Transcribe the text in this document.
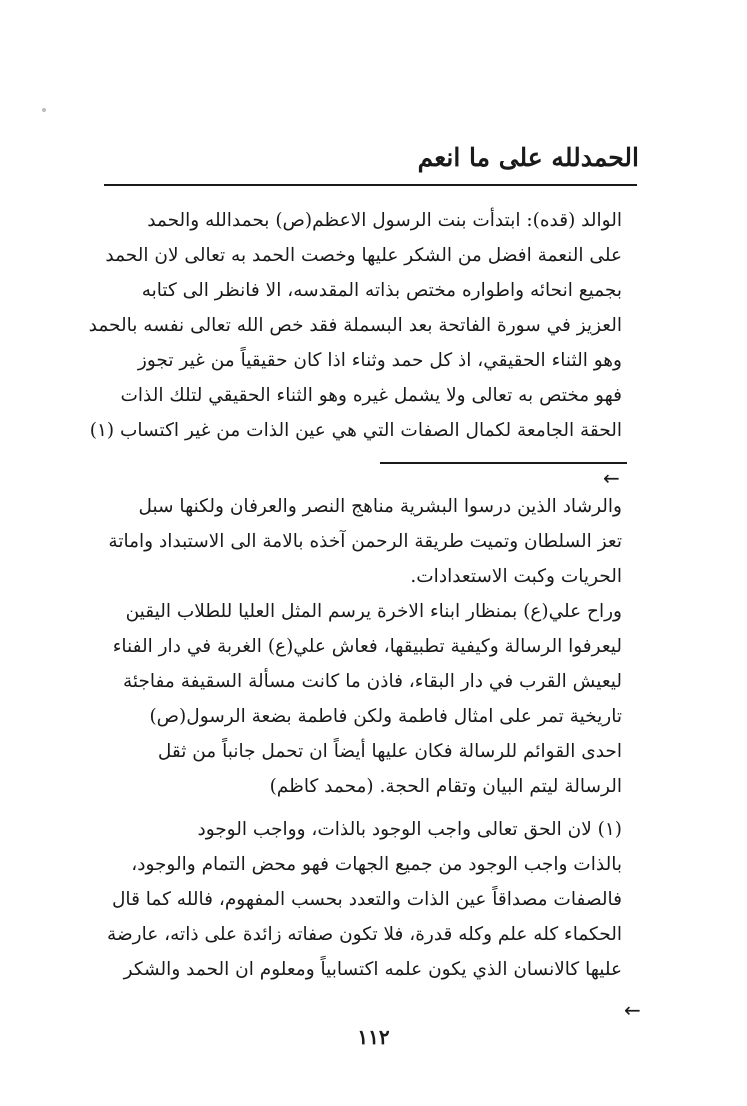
الحمدلله على ما انعم
الوالد (قده): ابتدأت بنت الرسول الاعظم(ص) بحمدالله والحمد
على النعمة افضل من الشكر عليها وخصت الحمد به تعالى لان الحمد
بجميع انحائه واطواره مختص بذاته المقدسه، الا فانظر الى كتابه
العزيز في سورة الفاتحة بعد البسملة فقد خص الله تعالى نفسه بالحمد
وهو الثناء الحقيقي، اذ كل حمد وثناء اذا كان حقيقياً من غير تجوز
فهو مختص به تعالى ولا يشمل غيره وهو الثناء الحقيقي لتلك الذات
الحقة الجامعة لكمال الصفات التي هي عين الذات من غير اكتساب (١)
←
والرشاد الذين درسوا البشرية مناهج النصر والعرفان ولكنها سبل
تعز السلطان وتميت طريقة الرحمن آخذه بالامة الى الاستبداد واماتة
الحريات وكبت الاستعدادات.
وراح علي(ع) بمنظار ابناء الاخرة يرسم المثل العليا للطلاب اليقين
ليعرفوا الرسالة وكيفية تطبيقها، فعاش علي(ع) الغربة في دار الفناء
ليعيش القرب في دار البقاء، فاذن ما كانت مسألة السقيفة مفاجئة
تاريخية تمر على امثال فاطمة ولكن فاطمة بضعة الرسول(ص)
احدى القوائم للرسالة فكان عليها أيضاً ان تحمل جانباً من ثقل
الرسالة ليتم البيان وتقام الحجة. (محمد كاظم)
(١) لان الحق تعالى واجب الوجود بالذات، وواجب الوجود
بالذات واجب الوجود من جميع الجهات فهو محض التمام والوجود،
فالصفات مصداقاً عين الذات والتعدد بحسب المفهوم، فالله كما قال
الحكماء كله علم وكله قدرة، فلا تكون صفاته زائدة على ذاته، عارضة
عليها كالانسان الذي يكون علمه اكتسابياً ومعلوم ان الحمد والشكر
←
١١٢
